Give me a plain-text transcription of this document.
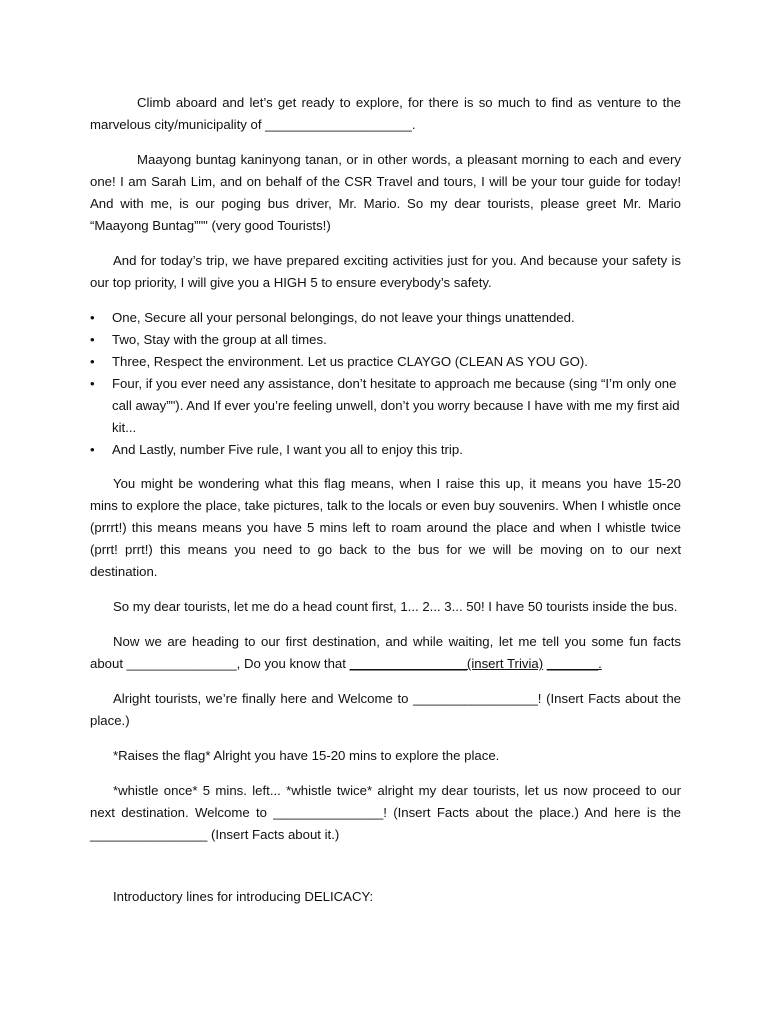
Climb aboard and let’s get ready to explore, for there is so much to find as venture to the marvelous city/municipality of ____________________.

Maayong buntag kaninyong tanan, or in other words, a pleasant morning to each and every one! I am Sarah Lim, and on behalf of the CSR Travel and tours, I will be your tour guide for today! And with me, is our poging bus driver, Mr. Mario. So my dear tourists, please greet Mr. Mario “Maayong Buntag”"" (very good Tourists!)

And for today’s trip, we have prepared exciting activities just for you. And because your safety is our top priority, I will give you a HIGH 5 to ensure everybody’s safety.

• One, Secure all your personal belongings, do not leave your things unattended.
• Two, Stay with the group at all times.
• Three, Respect the environment. Let us practice CLAYGO (CLEAN AS YOU GO).
• Four, if you ever need any assistance, don’t hesitate to approach me because (sing “I’m only one call away”"). And If ever you’re feeling unwell, don’t you worry because I have with me my first aid kit...
• And Lastly, number Five rule, I want you all to enjoy this trip.

You might be wondering what this flag means, when I raise this up, it means you have 15-20 mins to explore the place, take pictures, talk to the locals or even buy souvenirs. When I whistle once (prrrt!) this means means you have 5 mins left to roam around the place and when I whistle twice (prrt! prrt!) this means you need to go back to the bus for we will be moving on to our next destination.

So my dear tourists, let me do a head count first, 1... 2... 3... 50! I have 50 tourists inside the bus.

Now we are heading to our first destination, and while waiting, let me tell you some fun facts about _______________, Do you know that ________________(insert Trivia) _______.

Alright tourists, we’re finally here and Welcome to _________________! (Insert Facts about the place.)

*Raises the flag* Alright you have 15-20 mins to explore the place.

*whistle once* 5 mins. left... *whistle twice* alright my dear tourists, let us now proceed to our next destination. Welcome to _______________! (Insert Facts about the place.) And here is the ________________ (Insert Facts about it.)

Introductory lines for introducing DELICACY:
